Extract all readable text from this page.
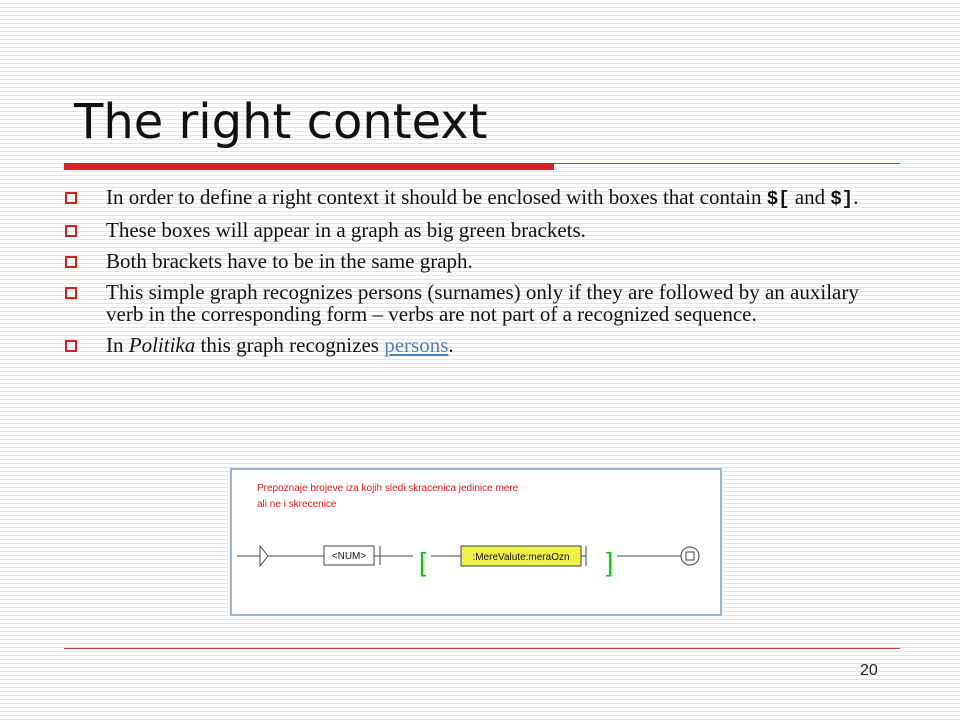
The right context
In order to define a right context it should be enclosed with boxes that contain $[ and $].
These boxes will appear in a graph as big green brackets.
Both brackets have to be in the same graph.
This simple graph recognizes persons (surnames) only if they are followed by an auxilary verb in the corresponding form – verbs are not part of a recognized sequence.
In Politika this graph recognizes persons.
Prepoznaje brojeve iza kojih sledi skracenica jedinice mere
ali ne i skrecenice
<NUM> [	:MereValute:meraOzn ]
20
